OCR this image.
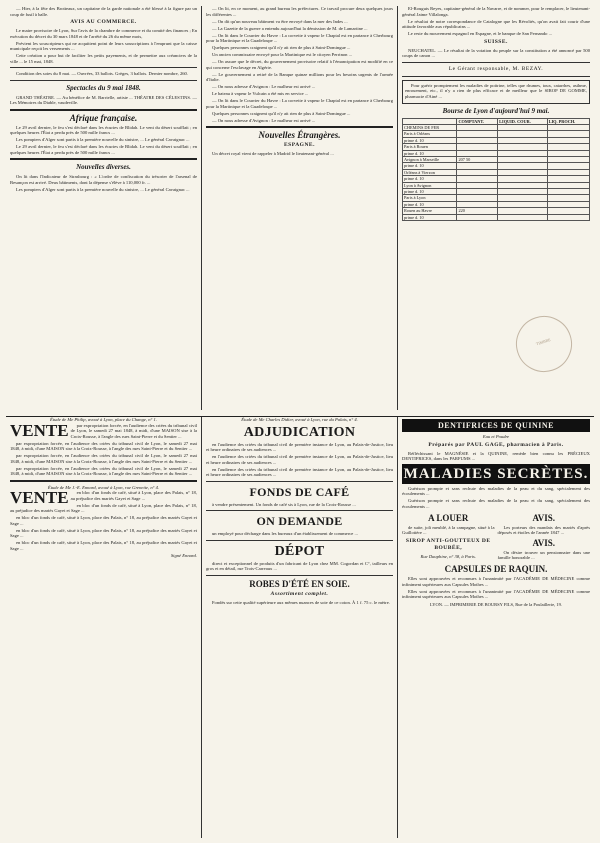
— Hier, à la fête des Brotteaux, un capitaine de la garde nationale a été blessé à la figure par un coup de fusil à balle.

AVIS AU COMMERCE.

Le maire provisoire de Lyon, Sur l'avis de la chambre de commerce et du comité des finances ; En exécution du décret du 30 mars 1848 et de l'arrêté du 26 du même mois,

Prévient les souscripteurs qui ne acquittent point de leurs souscriptions à l'emprunt que la caisse municipale reçoit les versements ...

Cette création a pour but de faciliter les petits payements, et de permettre aux créanciers de la ville ... le 15 mai, 1848.

Condition des soies du 8 mai. — Ouvrées, 33 ballots. Grèges, 3 ballots. Dernier nombre, 260.

Spectacles du 9 mai 1848.

GRAND THÉATRE. — Au bénéfice de M. Barrielle, artiste ... THÉATRE DES CÉLESTINS. — Les Mémoires du Diable, vaudeville.

Afrique française.

Le 29 avril dernier, le feu s'est déclaré dans les écuries de Blidah. Le vent du désert soufflait ; en quelques heures l'État a perdu près de 500 mille francs ...

Les pompiers d'Alger sont partis à la première nouvelle du sinistre, ... Le général Cavaignac ...

Le 29 avril dernier, le feu s'est déclaré dans les écuries de Blidah. Le vent du désert soufflait ; en quelques heures l'État a perdu près de 500 mille francs ...

Nouvelles diverses.

On lit dans l'Indicateur de Strasbourg : « L'ordre de confiscation du trésorier de l'arsenal de Besançon est arrivé. Deux bâtiments, dont la dépense s'élève à 110,000 fr. ...

Les pompiers d'Alger sont partis à la première nouvelle du sinistre, ... Le général Cavaignac ...

— On lit, en ce moment, au grand bureau les préfectures. Ce travail procure deux quelques jours les différentes ...

— On dit qu'un nouveau bâtiment va être envoyé dans la mer des Indes ...

— La Gazette de la guerre a entendu aujourd'hui la démission de M. de Lamartine ...

— On lit dans le Courrier du Havre : La corvette à vapeur le Chaptal est en partance à Cherbourg pour la Martinique et la Guadeloupe ...

Quelques personnes craignent qu'il n'y ait rien de plus à Saint-Domingue ...

Un ancien commissaire envoyé pour la Martinique est le citoyen Perrinon ...

— On assure que le décret, du gouvernement provisoire relatif à l'émancipation est modifié en ce qui concerne l'esclavage en Algérie.

— Le gouvernement a retiré de la Banque quinze millions pour les besoins urgents de l'armée d'Italie.

— On nous adresse d'Avignon : Le malheur est arrivé ...

Le bateau à vapeur le Vulcain a été mis en service ...

— On lit dans le Courrier du Havre : La corvette à vapeur le Chaptal est en partance à Cherbourg pour la Martinique et la Guadeloupe ...

Quelques personnes craignent qu'il n'y ait rien de plus à Saint-Domingue ...

— On nous adresse d'Avignon : Le malheur est arrivé ...

Nouvelles Étrangères.
ESPAGNE.

Un décret royal vient de rappeler à Madrid le lieutenant-général ...

El-Rouguis Reyes, capitaine-général de la Navarre, et de nommer, pour le remplacer, le lieutenant-général Jaime Villalonga.

Le résultat de notre correspondance de Catalogne que les Révoltés, qu'on avait fait courir d'une attitude favorable aux républicains ...

Le reste du mouvement espagnol en Espagne, et le banque de San Fernando ...

SUISSE.

NEUCHATEL. — Le résultat de la votation du peuple sur la constitution a été annoncé par 500 coups de canon ...

Le Gérant responsable, M. BEZAY.

Pour guérir promptement les maladies de poitrine, telles que rhumes, toux, catarrhes, asthme, enrouement, etc., il n'y a rien de plus efficace et de meilleur que le SIROP DE GOMME, pharmacie d'Ainé ...

Bourse de Lyon d'aujourd'hui 9 mai.
	COMPTANT.	LIQUID. COUR.	LIQ. PROCH.
CHEMINS DE FER			
Paris à Orléans			
prime d. 10			
Paris à Rouen			
prime d. 10			
Avignon à Marseille	207 50		
prime d. 10			
Orléans à Vierzon			
prime d. 10			
Lyon à Avignon			
prime d. 10			
Paris à Lyon			
prime d. 10			
Rouen au Havre	220		
prime d. 10			
TIMBRE
Étude de Me Philip, avoué à Lyon, place du Change, n° 1.
VENTE	par expropriation forcée, en l'audience des criées du tribunal civil de Lyon, le samedi 27 mai 1848, à midi, d'une MAISON sise à la Croix-Rousse, à l'angle des rues Saint-Pierre et du Sentier ...

par expropriation forcée, en l'audience des criées du tribunal civil de Lyon, le samedi 27 mai 1848, à midi, d'une MAISON sise à la Croix-Rousse, à l'angle des rues Saint-Pierre et du Sentier ...

par expropriation forcée, en l'audience des criées du tribunal civil de Lyon, le samedi 27 mai 1848, à midi, d'une MAISON sise à la Croix-Rousse, à l'angle des rues Saint-Pierre et du Sentier ...

par expropriation forcée, en l'audience des criées du tribunal civil de Lyon, le samedi 27 mai 1848, à midi, d'une MAISON sise à la Croix-Rousse, à l'angle des rues Saint-Pierre et du Sentier ...

Étude de Me J.-E. Ennard, avoué à Lyon, rue Grenette, n° 4.
VENTE	en bloc d'un fonds de café, situé à Lyon, place des Palais, n° 18, au préjudice des mariés Gayet et Sage ...

en bloc d'un fonds de café, situé à Lyon, place des Palais, n° 18, au préjudice des mariés Gayet et Sage ...

en bloc d'un fonds de café, situé à Lyon, place des Palais, n° 18, au préjudice des mariés Gayet et Sage ...

en bloc d'un fonds de café, situé à Lyon, place des Palais, n° 18, au préjudice des mariés Gayet et Sage ...

en bloc d'un fonds de café, situé à Lyon, place des Palais, n° 18, au préjudice des mariés Gayet et Sage ...

Signé Ennard.
Étude de Me Charles Didier, avoué à Lyon, rue du Palais, n° 4.
ADJUDICATION

en l'audience des criées du tribunal civil de première instance de Lyon, au Palais-de-Justice, lieu et heure ordinaires de ses audiences ...

en l'audience des criées du tribunal civil de première instance de Lyon, au Palais-de-Justice, lieu et heure ordinaires de ses audiences ...

en l'audience des criées du tribunal civil de première instance de Lyon, au Palais-de-Justice, lieu et heure ordinaires de ses audiences ...

FONDS DE CAFÉ

à vendre présentement. Un fonds de café sis à Lyon, rue de la Croix-Rousse ...

ON DEMANDE

un employé pour décharge dans les bureaux d'un établissement de commerce ...

DÉPOT

direct et exceptionnel de produits d'un fabricant de Lyon chez MM. Cogordan et C°, tailleurs en gros et en détail, rue Trois-Carreaux ...

ROBES D'ÉTÉ EN SOIE.
Assortiment complet.

Fondés sur cette qualité supérieure aux mêmes nuances de soie de ce coton. À 1 f. 75 c. le mètre.

DENTIFRICES DE QUININE
Eau et Poudre
Préparés par PAUL GAGE, pharmacien à Paris.

Réfléchissant le MAGNÉSIE et la QUININE, remède bien connu les PRÉCIEUX DENTIFRICES, dans les PARFUMS ...

MALADIES SECRÈTES.

Guérison prompte et sans rechute des maladies de la peau et du sang, spécialement des écoulements ...

Guérison prompte et sans rechute des maladies de la peau et du sang, spécialement des écoulements ...

A LOUER

de suite, joli meublé, à la campagne, situé à la Guillotière ...

SIROP ANTI-GOUTTEUX DE BOUBÉE,
Rue Dauphine, n° 38, à Paris.
AVIS.

Les porteurs des mandats des mariés d'après déposés et étoiles de l'année 1847 ...

AVIS.

On désire trouver un pensionnaire dans une famille honorable ...

CAPSULES DE RAQUIN.

Elles sont approuvées et reconnues à l'unanimité par l'ACADÉMIE DE MÉDECINE comme infiniment supérieures aux Capsules Mothes ...

Elles sont approuvées et reconnues à l'unanimité par l'ACADÉMIE DE MÉDECINE comme infiniment supérieures aux Capsules Mothes ...

LYON. — IMPRIMERIE DE BOURSY FILS, Rue de la Poulaillerie, 19.
